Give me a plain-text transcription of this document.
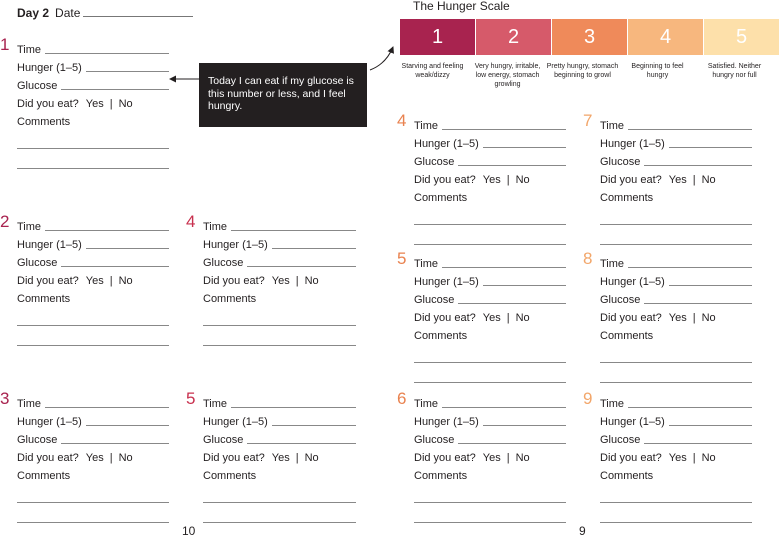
Day 2 Date	The Hunger Scale
1	2	3	4	5
Starving and feeling weak/dizzy
Very hungry, irritable, low energy, stomach growling
Pretty hungry, stomach beginning to growl
Beginning to feel hungry
Satisfied. Neither hungry nor full
Today I can eat if my glucose is this number or less, and I feel hungry.
1 Time
Hunger (1–5)
Glucose
Did you eat? Yes | No
Comments
2 Time
Hunger (1–5)
Glucose
Did you eat? Yes | No
Comments
3 Time
Hunger (1–5)
Glucose
Did you eat? Yes | No
Comments
4 Time
Hunger (1–5)
Glucose
Did you eat? Yes | No
Comments
5 Time
Hunger (1–5)
Glucose
Did you eat? Yes | No
Comments
4 Time
Hunger (1–5)
Glucose
Did you eat? Yes | No
Comments
5 Time
Hunger (1–5)
Glucose
Did you eat? Yes | No
Comments
6 Time
Hunger (1–5)
Glucose
Did you eat? Yes | No
Comments
7 Time
Hunger (1–5)
Glucose
Did you eat? Yes | No
Comments
8 Time
Hunger (1–5)
Glucose
Did you eat? Yes | No
Comments
9 Time
Hunger (1–5)
Glucose
Did you eat? Yes | No
Comments
10	9
